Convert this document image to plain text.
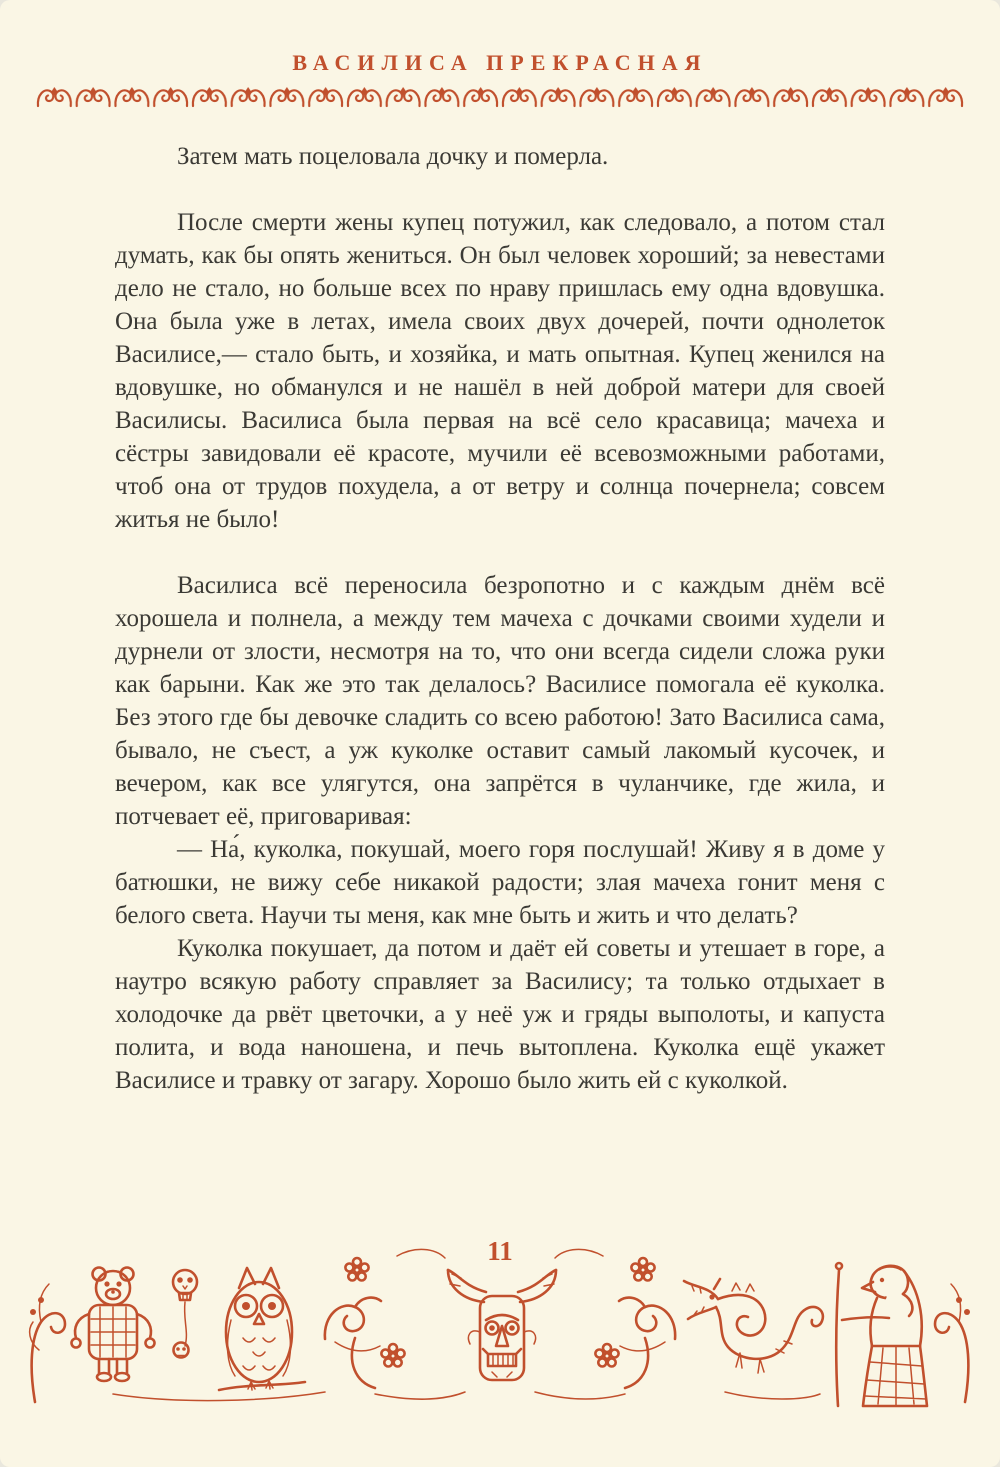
ВАСИЛИСА ПРЕКРАСНАЯ

Затем мать поцеловала дочку и померла.

После смерти жены купец потужил, как следовало, а потом стал думать, как бы опять жениться. Он был человек хороший; за невестами дело не стало, но больше всех по нраву пришлась ему одна вдовушка. Она была уже в летах, имела своих двух дочерей, почти однолеток Василисе,— стало быть, и хозяйка, и мать опытная. Купец женился на вдовушке, но обманулся и не нашёл в ней доброй матери для своей Василисы. Василиса была первая на всё село красавица; мачеха и сёстры завидовали её красоте, мучили её всевозможными работами, чтоб она от трудов похудела, а от ветру и солнца почернела; совсем житья не было!

Василиса всё переносила безропотно и с каждым днём всё хорошела и полнела, а между тем мачеха с дочками своими худели и дурнели от злости, несмотря на то, что они всегда сидели сложа руки как барыни. Как же это так делалось? Василисе помогала её куколка. Без этого где бы девочке сладить со всею работою! Зато Василиса сама, бывало, не съест, а уж куколке оставит самый лакомый кусочек, и вечером, как все улягутся, она запрётся в чуланчике, где жила, и потчевает её, приговаривая:

— На́, куколка, покушай, моего горя послушай! Живу я в доме у батюшки, не вижу себе никакой радости; злая мачеха гонит меня с белого света. Научи ты меня, как мне быть и жить и что делать?

Куколка покушает, да потом и даёт ей советы и утешает в горе, а наутро всякую работу справляет за Василису; та только отдыхает в холодочке да рвёт цветочки, а у неё уж и гряды выполоты, и капуста полита, и вода наношена, и печь вытоплена. Куколка ещё укажет Василисе и травку от загару. Хорошо было жить ей с куколкой.

11
